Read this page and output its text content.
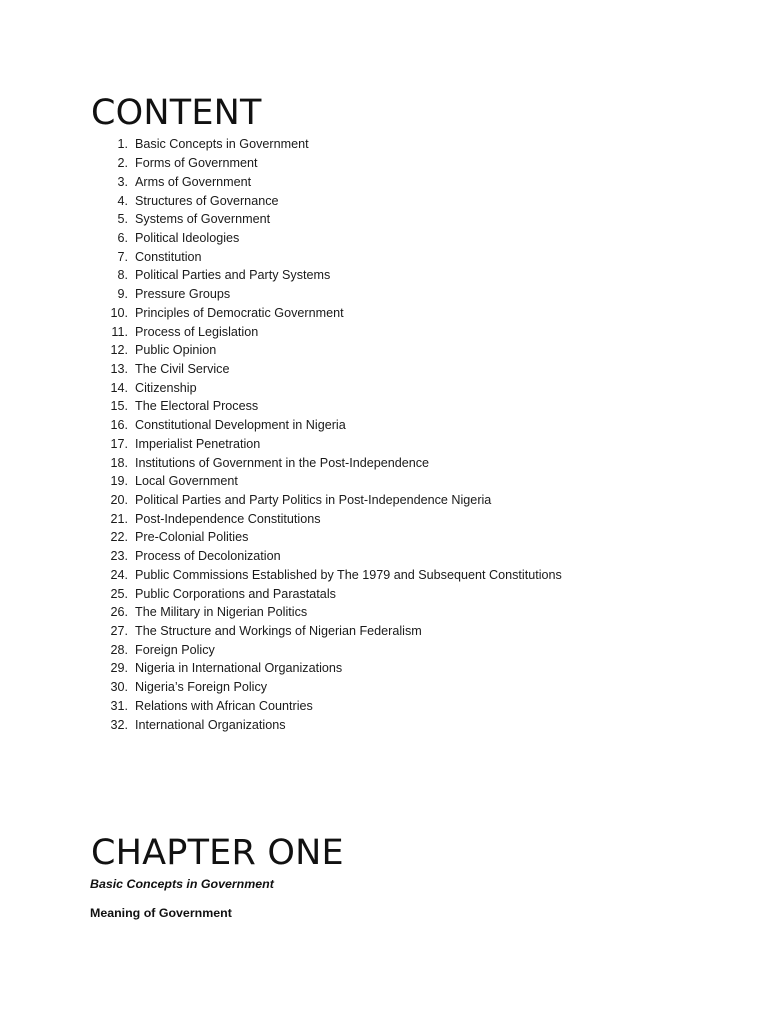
CONTENT
1. Basic Concepts in Government
2. Forms of Government
3. Arms of Government
4. Structures of Governance
5. Systems of Government
6. Political Ideologies
7. Constitution
8. Political Parties and Party Systems
9. Pressure Groups
10. Principles of Democratic Government
11. Process of Legislation
12. Public Opinion
13. The Civil Service
14. Citizenship
15. The Electoral Process
16. Constitutional Development in Nigeria
17. Imperialist Penetration
18. Institutions of Government in the Post-Independence
19. Local Government
20. Political Parties and Party Politics in Post-Independence Nigeria
21. Post-Independence Constitutions
22. Pre-Colonial Polities
23. Process of Decolonization
24. Public Commissions Established by The 1979 and Subsequent Constitutions
25. Public Corporations and Parastatals
26. The Military in Nigerian Politics
27. The Structure and Workings of Nigerian Federalism
28. Foreign Policy
29. Nigeria in International Organizations
30. Nigeria’s Foreign Policy
31. Relations with African Countries
32. International Organizations
CHAPTER ONE

Basic Concepts in Government

Meaning of Government
